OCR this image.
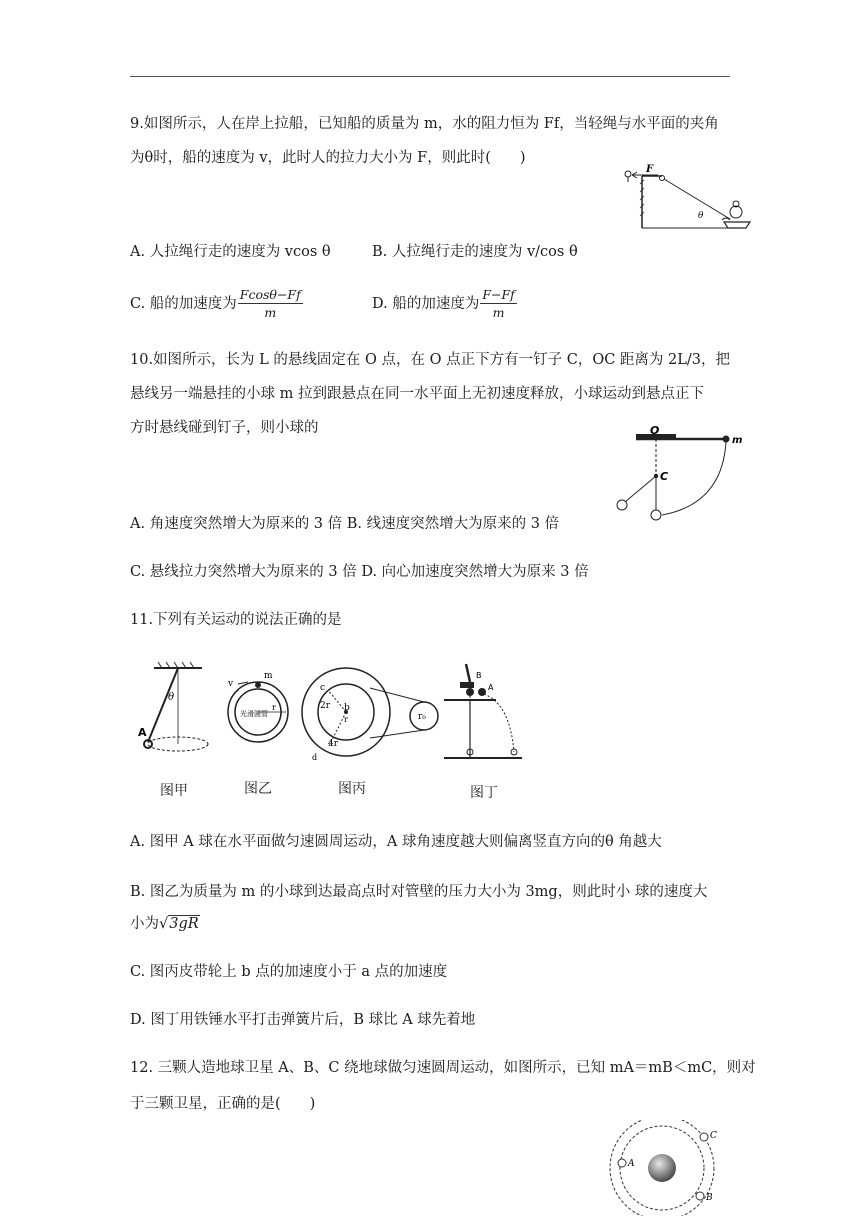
9.如图所示，人在岸上拉船，已知船的质量为 m，水的阻力恒为 Ff，当轻绳与水平面的夹角
为θ时，船的速度为 v，此时人的拉力大小为 F，则此时(　　)
F
θ
A. 人拉绳行走的速度为 vcos θ	B. 人拉绳行走的速度为 v/cos θ
C. 船的加速度为 $\frac{Fcos\theta-Ff}{m}$	D. 船的加速度为 $\frac{F-Ff}{m}$
10.如图所示，长为 L 的悬线固定在 O 点，在 O 点正下方有一钉子 C，OC 距离为 2L/3，把
悬线另一端悬挂的小球 m 拉到跟悬点在同一水平面上无初速度释放，小球运动到悬点正下
方时悬线碰到钉子，则小球的	O
C
m
A. 角速度突然增大为原来的 3 倍 B. 线速度突然增大为原来的 3 倍
C. 悬线拉力突然增大为原来的 3 倍 D. 向心加速度突然增大为原来 3 倍
11.下列有关运动的说法正确的是
A
θ
v
m
r
光滑圆管
c
2r b
r
4r
d
r₀
B
A
图甲	图乙	图丙	图丁
A. 图甲 A 球在水平面做匀速圆周运动，A 球角速度越大则偏离竖直方向的θ 角越大
B. 图乙为质量为 m 的小球到达最高点时对管壁的压力大小为 3mg，则此时小 球的速度大
小为√3gR
C. 图丙皮带轮上 b 点的加速度小于 a 点的加速度
D. 图丁用铁锤水平打击弹簧片后，B 球比 A 球先着地
12. 三颗人造地球卫星 A、B、C 绕地球做匀速圆周运动，如图所示，已知 mA＝mB＜mC，则对
于三颗卫星，正确的是(　　)
A
C
B
